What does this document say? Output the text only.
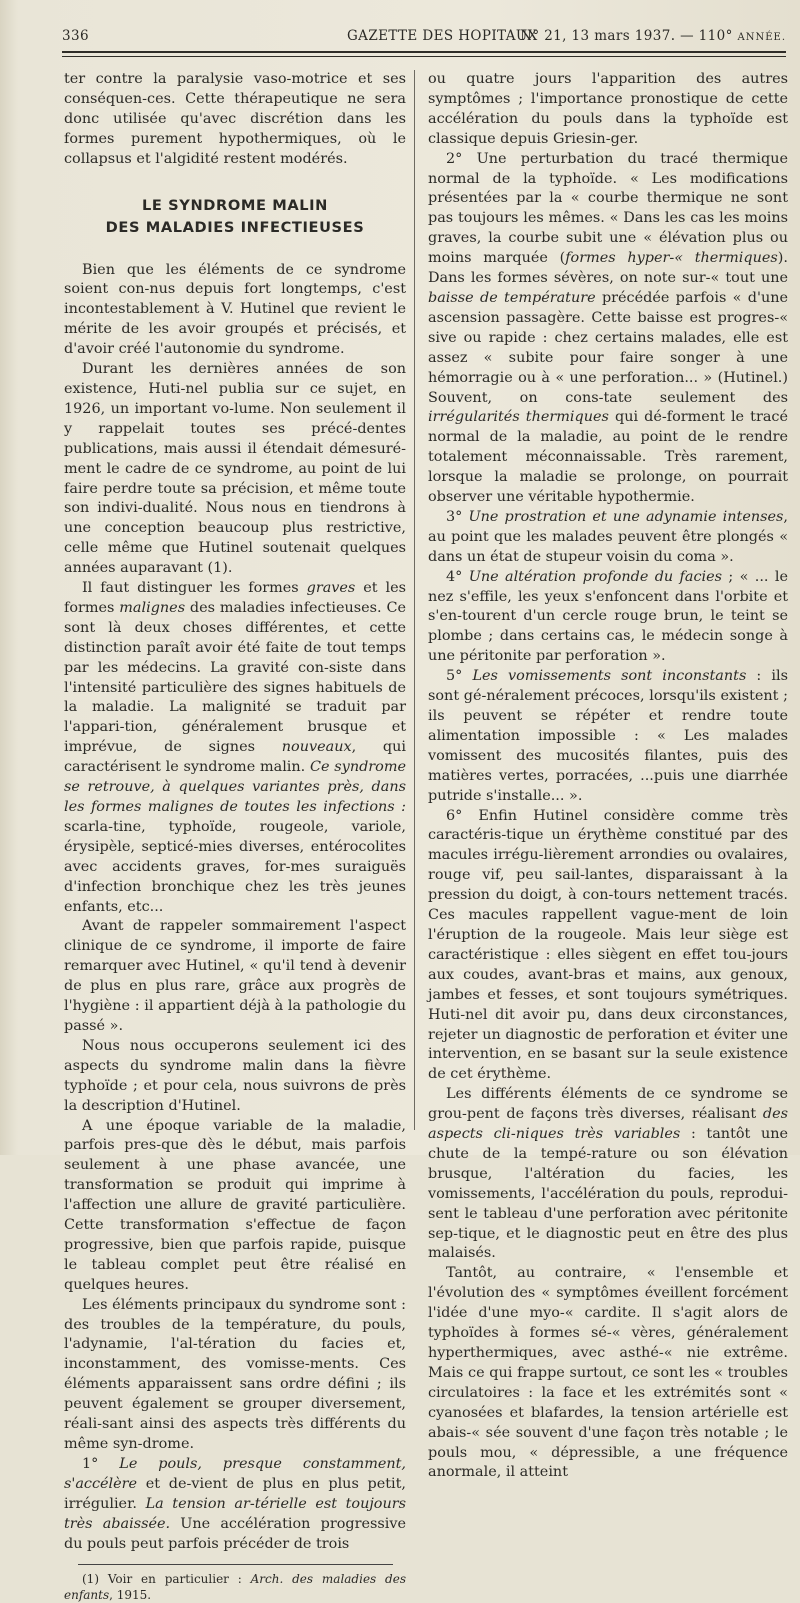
336	GAZETTE DES HOPITAUX
N° 21, 13 mars 1937. — 110° ANNÉE.

ter contre la paralysie vaso-motrice et ses conséquen-ces. Cette thérapeutique ne sera donc utilisée qu'avec discrétion dans les formes purement hypothermiques, où le collapsus et l'algidité restent modérés.

LE SYNDROME MALIN
DES MALADIES INFECTIEUSES

Bien que les éléments de ce syndrome soient con-nus depuis fort longtemps, c'est incontestablement à V. Hutinel que revient le mérite de les avoir groupés et précisés, et d'avoir créé l'autonomie du syndrome.

Durant les dernières années de son existence, Huti-nel publia sur ce sujet, en 1926, un important vo-lume. Non seulement il y rappelait toutes ses précé-dentes publications, mais aussi il étendait démesuré-ment le cadre de ce syndrome, au point de lui faire perdre toute sa précision, et même toute son indivi-dualité. Nous nous en tiendrons à une conception beaucoup plus restrictive, celle même que Hutinel soutenait quelques années auparavant (1).

Il faut distinguer les formes graves et les formes malignes des maladies infectieuses. Ce sont là deux choses différentes, et cette distinction paraît avoir été faite de tout temps par les médecins. La gravité con-siste dans l'intensité particulière des signes habituels de la maladie. La malignité se traduit par l'appari-tion, généralement brusque et imprévue, de signes nouveaux, qui caractérisent le syndrome malin. Ce syndrome se retrouve, à quelques variantes près, dans les formes malignes de toutes les infections : scarla-tine, typhoïde, rougeole, variole, érysipèle, septicé-mies diverses, entérocolites avec accidents graves, for-mes suraiguës d'infection bronchique chez les très jeunes enfants, etc...

Avant de rappeler sommairement l'aspect clinique de ce syndrome, il importe de faire remarquer avec Hutinel, « qu'il tend à devenir de plus en plus rare, grâce aux progrès de l'hygiène : il appartient déjà à la pathologie du passé ».

Nous nous occuperons seulement ici des aspects du syndrome malin dans la fièvre typhoïde ; et pour cela, nous suivrons de près la description d'Hutinel.

A une époque variable de la maladie, parfois pres-que dès le début, mais parfois seulement à une phase avancée, une transformation se produit qui imprime à l'affection une allure de gravité particulière. Cette transformation s'effectue de façon progressive, bien que parfois rapide, puisque le tableau complet peut être réalisé en quelques heures.

Les éléments principaux du syndrome sont : des troubles de la température, du pouls, l'adynamie, l'al-tération du facies et, inconstamment, des vomisse-ments. Ces éléments apparaissent sans ordre défini ; ils peuvent également se grouper diversement, réali-sant ainsi des aspects très différents du même syn-drome.

1° Le pouls, presque constamment, s'accélère et de-vient de plus en plus petit, irrégulier. La tension ar-térielle est toujours très abaissée. Une accélération progressive du pouls peut parfois précéder de trois

(1) Voir en particulier : Arch. des maladies des enfants, 1915.

ou quatre jours l'apparition des autres symptômes ; l'importance pronostique de cette accélération du pouls dans la typhoïde est classique depuis Griesin-ger.

2° Une perturbation du tracé thermique normal de la typhoïde. « Les modifications présentées par la « courbe thermique ne sont pas toujours les mêmes. « Dans les cas les moins graves, la courbe subit une « élévation plus ou moins marquée (formes hyper-« thermiques). Dans les formes sévères, on note sur-« tout une baisse de température précédée parfois « d'une ascension passagère. Cette baisse est progres-« sive ou rapide : chez certains malades, elle est assez « subite pour faire songer à une hémorragie ou à « une perforation... » (Hutinel.) Souvent, on cons-tate seulement des irrégularités thermiques qui dé-forment le tracé normal de la maladie, au point de le rendre totalement méconnaissable. Très rarement, lorsque la maladie se prolonge, on pourrait observer une véritable hypothermie.

3° Une prostration et une adynamie intenses, au point que les malades peuvent être plongés « dans un état de stupeur voisin du coma ».

4° Une altération profonde du facies ; « ... le nez s'effile, les yeux s'enfoncent dans l'orbite et s'en-tourent d'un cercle rouge brun, le teint se plombe ; dans certains cas, le médecin songe à une péritonite par perforation ».

5° Les vomissements sont inconstants : ils sont gé-néralement précoces, lorsqu'ils existent ; ils peuvent se répéter et rendre toute alimentation impossible : « Les malades vomissent des mucosités filantes, puis des matières vertes, porracées, ...puis une diarrhée putride s'installe... ».

6° Enfin Hutinel considère comme très caractéris-tique un érythème constitué par des macules irrégu-lièrement arrondies ou ovalaires, rouge vif, peu sail-lantes, disparaissant à la pression du doigt, à con-tours nettement tracés. Ces macules rappellent vague-ment de loin l'éruption de la rougeole. Mais leur siège est caractéristique : elles siègent en effet tou-jours aux coudes, avant-bras et mains, aux genoux, jambes et fesses, et sont toujours symétriques. Huti-nel dit avoir pu, dans deux circonstances, rejeter un diagnostic de perforation et éviter une intervention, en se basant sur la seule existence de cet érythème.

Les différents éléments de ce syndrome se grou-pent de façons très diverses, réalisant des aspects cli-niques très variables : tantôt une chute de la tempé-rature ou son élévation brusque, l'altération du facies, les vomissements, l'accélération du pouls, reprodui-sent le tableau d'une perforation avec péritonite sep-tique, et le diagnostic peut en être des plus malaisés.

Tantôt, au contraire, « l'ensemble et l'évolution des « symptômes éveillent forcément l'idée d'une myo-« cardite. Il s'agit alors de typhoïdes à formes sé-« vères, généralement hyperthermiques, avec asthé-« nie extrême. Mais ce qui frappe surtout, ce sont les « troubles circulatoires : la face et les extrémités sont « cyanosées et blafardes, la tension artérielle est abais-« sée souvent d'une façon très notable ; le pouls mou, « dépressible, a une fréquence anormale, il atteint
